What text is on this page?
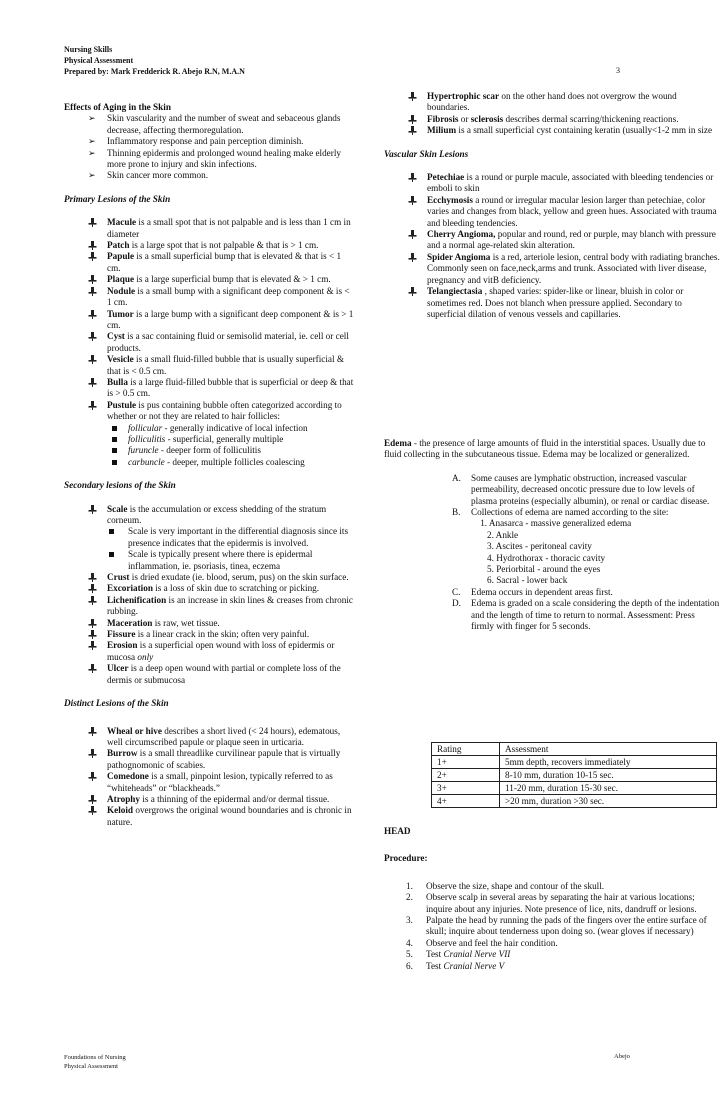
Nursing Skills
Physical Assessment
Prepared by: Mark Fredderick R. Abejo R.N, M.A.N	3

Effects of Aging in the Skin

➢ Skin vascularity and the number of sweat and sebaceous glands decrease, affecting thermoregulation.
➢ Inflammatory response and pain perception diminish.
➢ Thinning epidermis and prolonged wound healing make elderly more prone to injury and skin infections.
➢ Skin cancer more common.

Primary Lesions of the Skin

Macule is a small spot that is not palpable and is less than 1 cm in diameter
Patch is a large spot that is not palpable & that is > 1 cm.
Papule is a small superficial bump that is elevated & that is < 1 cm.
Plaque is a large superficial bump that is elevated & > 1 cm.
Nodule is a small bump with a significant deep component & is < 1 cm.
Tumor is a large bump with a significant deep component & is > 1 cm.
Cyst is a sac containing fluid or semisolid material, ie. cell or cell products.
Vesicle is a small fluid-filled bubble that is usually superficial & that is < 0.5 cm.
Bulla is a large fluid-filled bubble that is superficial or deep & that is > 0.5 cm.
Pustule is pus containing bubble often categorized according to whether or not they are related to hair follicles:
follicular - generally indicative of local infection
folliculitis - superficial, generally multiple
furuncle - deeper form of folliculitis
carbuncle - deeper, multiple follicles coalescing

Secondary lesions of the Skin

Scale is the accumulation or excess shedding of the stratum corneum.
Scale is very important in the differential diagnosis since its presence indicates that the epidermis is involved.
Scale is typically present where there is epidermal inflammation, ie. psoriasis, tinea, eczema
Crust is dried exudate (ie. blood, serum, pus) on the skin surface.
Excoriation is a loss of skin due to scratching or picking.
Lichenification is an increase in skin lines & creases from chronic rubbing.
Maceration is raw, wet tissue.
Fissure is a linear crack in the skin; often very painful.
Erosion is a superficial open wound with loss of epidermis or mucosa only
Ulcer is a deep open wound with partial or complete loss of the dermis or submucosa

Distinct Lesions of the Skin

Wheal or hive describes a short lived (< 24 hours), edematous, well circumscribed papule or plaque seen in urticaria.
Burrow is a small threadlike curvilinear papule that is virtually pathognomonic of scabies.
Comedone is a small, pinpoint lesion, typically referred to as “whiteheads” or “blackheads.”
Atrophy is a thinning of the epidermal and/or dermal tissue.
Keloid overgrows the original wound boundaries and is chronic in nature.
Hypertrophic scar on the other hand does not overgrow the wound boundaries.
Fibrosis or sclerosis describes dermal scarring/thickening reactions.
Milium is a small superficial cyst containing keratin (usually<1-2 mm in size

Vascular Skin Lesions

Petechiae is a round or purple macule, associated with bleeding tendencies or emboli to skin
Ecchymosis a round or irregular macular lesion larger than petechiae, color varies and changes from black, yellow and green hues. Associated with trauma and bleeding tendencies.
Cherry Angioma, popular and round, red or purple, may blanch with pressure and a normal age-related skin alteration.
Spider Angioma is a red, arteriole lesion, central body with radiating branches. Commonly seen on face,neck,arms and trunk. Associated with liver disease, pregnancy and vitB deficiency.
Telangiectasia , shaped varies: spider-like or linear, bluish in color or sometimes red. Does not blanch when pressure applied. Secondary to superficial dilation of venous vessels and capillaries.

Edema - the presence of large amounts of fluid in the interstitial spaces. Usually due to fluid collecting in the subcutaneous tissue. Edema may be localized or generalized.

A. Some causes are lymphatic obstruction, increased vascular permeability, decreased oncotic pressure due to low levels of plasma proteins (especially albumin), or renal or cardiac disease.
B. Collections of edema are named according to the site:
1. Anasarca - massive generalized edema
2. Ankle
3. Ascites - peritoneal cavity
4. Hydrothorax - thoracic cavity
5. Periorbital - around the eyes
6. Sacral - lower back
C. Edema occurs in dependent areas first.
D. Edema is graded on a scale considering the depth of the indentation and the length of time to return to normal. Assessment: Press firmly with finger for 5 seconds.
Rating	Assessment
1+	5mm depth, recovers immediately
2+	8-10 mm, duration 10-15 sec.
3+	11-20 mm, duration 15-30 sec.
4+	>20 mm, duration >30 sec.

HEAD

Procedure:

1. Observe the size, shape and contour of the skull.
2. Observe scalp in several areas by separating the hair at various locations; inquire about any injuries. Note presence of lice, nits, dandruff or lesions.
3. Palpate the head by running the pads of the fingers over the entire surface of skull; inquire about tenderness upon doing so. (wear gloves if necessary)
4. Observe and feel the hair condition.
5. Test Cranial Nerve VII
6. Test Cranial Nerve V
Foundations of Nursing
Physical Assessment
Abejo
